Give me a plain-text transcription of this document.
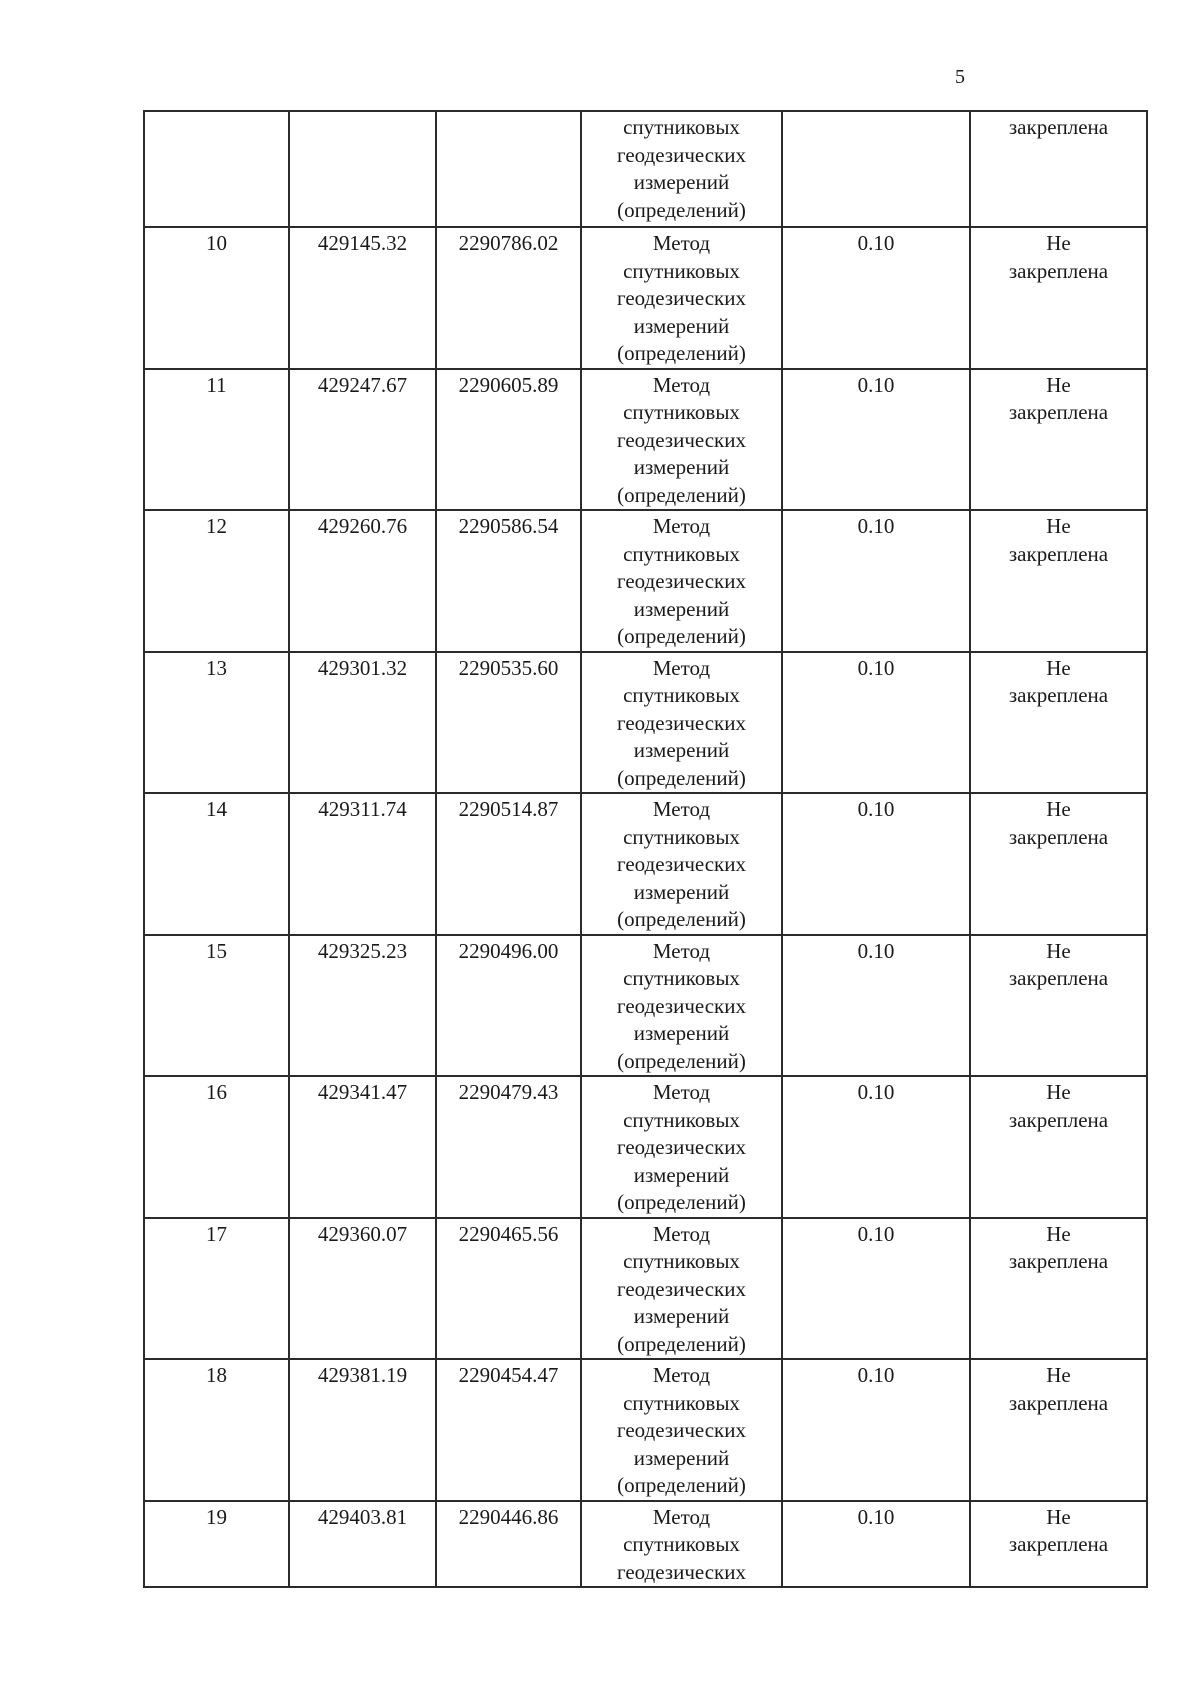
5

			спутниковых
геодезических
измерений
(определений)		закреплена

10	429145.32	2290786.02	Метод
спутниковых
геодезических
измерений
(определений)	0.10	Не
закреплена

11	429247.67	2290605.89	Метод
спутниковых
геодезических
измерений
(определений)	0.10	Не
закреплена

12	429260.76	2290586.54	Метод
спутниковых
геодезических
измерений
(определений)	0.10	Не
закреплена

13	429301.32	2290535.60	Метод
спутниковых
геодезических
измерений
(определений)	0.10	Не
закреплена

14	429311.74	2290514.87	Метод
спутниковых
геодезических
измерений
(определений)	0.10	Не
закреплена

15	429325.23	2290496.00	Метод
спутниковых
геодезических
измерений
(определений)	0.10	Не
закреплена

16	429341.47	2290479.43	Метод
спутниковых
геодезических
измерений
(определений)	0.10	Не
закреплена

17	429360.07	2290465.56	Метод
спутниковых
геодезических
измерений
(определений)	0.10	Не
закреплена

18	429381.19	2290454.47	Метод
спутниковых
геодезических
измерений
(определений)	0.10	Не
закреплена

19	429403.81	2290446.86	Метод
спутниковых
геодезических	0.10	Не
закреплена
